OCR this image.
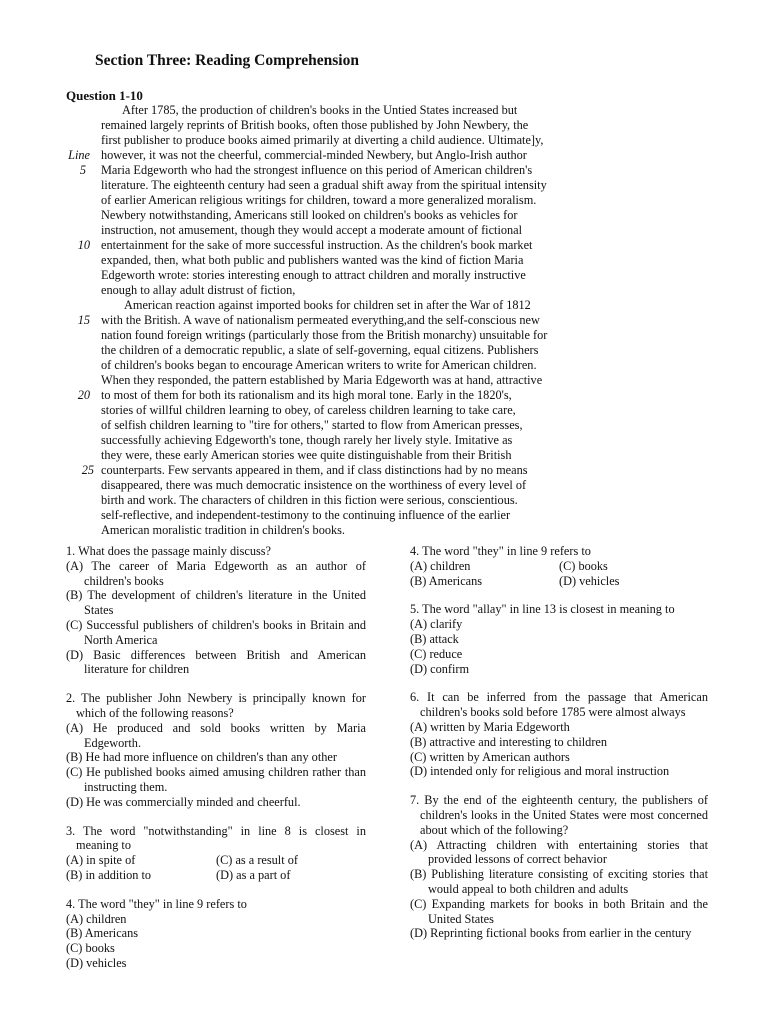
Section Three: Reading Comprehension
Question 1-10
After 1785, the production of children's books in the Untied States increased but
remained largely reprints of British books, often those published by John Newbery, the
first publisher to produce books aimed primarily at diverting a child audience. Ultimate]y,
however, it was not the cheerful, commercial-minded Newbery, but Anglo-Irish author
Maria Edgeworth who had the strongest influence on this period of American children's
literature. The eighteenth century had seen a gradual shift away from the spiritual intensity
of earlier American religious writings for children, toward a more generalized moralism.
Newbery notwithstanding, Americans still looked on children's books as vehicles for
instruction, not amusement, though they would accept a moderate amount of fictional
entertainment for the sake of more successful instruction. As the children's book market
expanded, then, what both public and publishers wanted was the kind of fiction Maria
Edgeworth wrote: stories interesting enough to attract children and morally instructive
enough to allay adult distrust of fiction,
American reaction against imported books for children set in after the War of 1812
with the British. A wave of nationalism permeated everything,and the self-conscious new
nation found foreign writings (particularly those from the British monarchy) unsuitable for
the children of a democratic republic, a slate of self-governing, equal citizens. Publishers
of children's books began to encourage American writers to write for American children.
When they responded, the pattern established by Maria Edgeworth was at hand, attractive
to most of them for both its rationalism and its high moral tone. Early in the 1820's,
stories of willful children learning to obey, of careless children learning to take care,
of selfish children learning to "tire for others," started to flow from American presses,
successfully achieving Edgeworth's tone, though rarely her lively style. Imitative as
they were, these early American stories wee quite distinguishable from their British
counterparts. Few servants appeared in them, and if class distinctions had by no means
disappeared, there was much democratic insistence on the worthiness of every level of
birth and work. The characters of children in this fiction were serious, conscientious.
self-reflective, and independent-testimony to the continuing influence of the earlier
American moralistic tradition in children's books.
Line
5
10
15
20
25
1. What does the passage mainly discuss?
(A) The career of Maria Edgeworth as an author of children's books
(B) The development of children's literature in the United States
(C) Successful publishers of children's books in Britain and North America
(D) Basic differences between British and American literature for children
2. The publisher John Newbery is principally known for which of the following reasons?
(A) He produced and sold books written by Maria Edgeworth.
(B) He had more influence on children's than any other
(C) He published books aimed amusing children rather than instructing them.
(D) He was commercially minded and cheerful.
3. The word "notwithstanding" in line 8 is closest in meaning to
(A) in spite of	(C) as a result of
(B) in addition to	(D) as a part of
4. The word "they" in line 9 refers to
(A) children
(B) Americans
(C) books
(D) vehicles
4. The word "they" in line 9 refers to
(A) children	(C) books
(B) Americans	(D) vehicles
5. The word "allay" in line 13 is closest in meaning to
(A) clarify
(B) attack
(C) reduce
(D) confirm
6. It can be inferred from the passage that American children's books sold before 1785 were almost always
(A) written by Maria Edgeworth
(B) attractive and interesting to children
(C) written by American authors
(D) intended only for religious and moral instruction
7. By the end of the eighteenth century, the publishers of children's looks in the United States were most concerned about which of the following?
(A) Attracting children with entertaining stories that provided lessons of correct behavior
(B) Publishing literature consisting of exciting stories that would appeal to both children and adults
(C) Expanding markets for books in both Britain and the United States
(D) Reprinting fictional books from earlier in the century
